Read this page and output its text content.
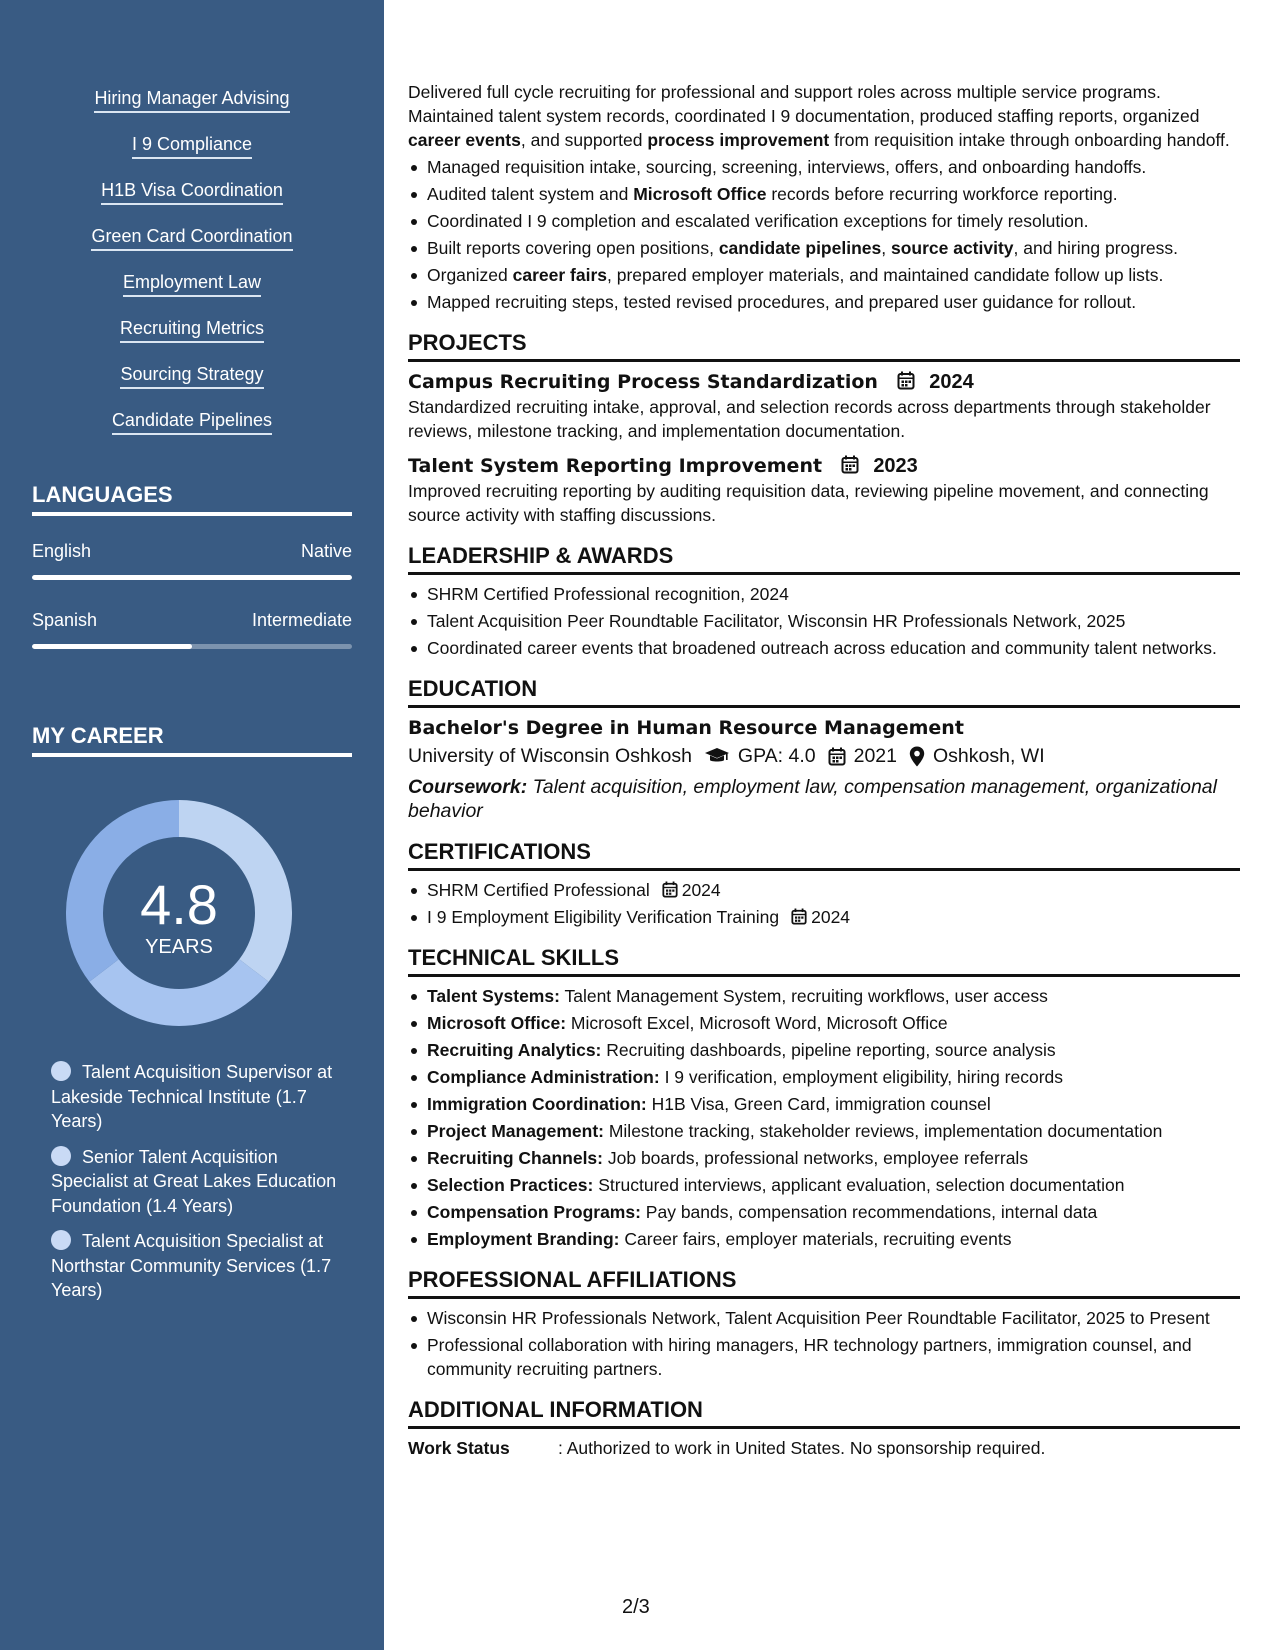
Hiring Manager Advising
I 9 Compliance
H1B Visa Coordination
Green Card Coordination
Employment Law
Recruiting Metrics
Sourcing Strategy
Candidate Pipelines
LANGUAGES
English	Native
Spanish	Intermediate
MY CAREER
4.8
YEARS
Talent Acquisition Supervisor at Lakeside Technical Institute (1.7 Years)
Senior Talent Acquisition Specialist at Great Lakes Education Foundation (1.4 Years)
Talent Acquisition Specialist at Northstar Community Services (1.7 Years)

Delivered full cycle recruiting for professional and support roles across multiple service programs. Maintained talent system records, coordinated I 9 documentation, produced staffing reports, organized career events, and supported process improvement from requisition intake through onboarding handoff.

Managed requisition intake, sourcing, screening, interviews, offers, and onboarding handoffs.
Audited talent system and Microsoft Office records before recurring workforce reporting.
Coordinated I 9 completion and escalated verification exceptions for timely resolution.
Built reports covering open positions, candidate pipelines, source activity, and hiring progress.
Organized career fairs, prepared employer materials, and maintained candidate follow up lists.
Mapped recruiting steps, tested revised procedures, and prepared user guidance for rollout.
PROJECTS
Campus Recruiting Process Standardization	2024

Standardized recruiting intake, approval, and selection records across departments through stakeholder reviews, milestone tracking, and implementation documentation.

Talent System Reporting Improvement	2023

Improved recruiting reporting by auditing requisition data, reviewing pipeline movement, and connecting source activity with staffing discussions.

LEADERSHIP & AWARDS
SHRM Certified Professional recognition, 2024
Talent Acquisition Peer Roundtable Facilitator, Wisconsin HR Professionals Network, 2025
Coordinated career events that broadened outreach across education and community talent networks.
EDUCATION
Bachelor's Degree in Human Resource Management
University of Wisconsin Oshkosh GPA: 4.0 2021 Oshkosh, WI

Coursework: Talent acquisition, employment law, compensation management, organizational behavior

CERTIFICATIONS
SHRM Certified Professional 2024
I 9 Employment Eligibility Verification Training 2024
TECHNICAL SKILLS
Talent Systems: Talent Management System, recruiting workflows, user access
Microsoft Office: Microsoft Excel, Microsoft Word, Microsoft Office
Recruiting Analytics: Recruiting dashboards, pipeline reporting, source analysis
Compliance Administration: I 9 verification, employment eligibility, hiring records
Immigration Coordination: H1B Visa, Green Card, immigration counsel
Project Management: Milestone tracking, stakeholder reviews, implementation documentation
Recruiting Channels: Job boards, professional networks, employee referrals
Selection Practices: Structured interviews, applicant evaluation, selection documentation
Compensation Programs: Pay bands, compensation recommendations, internal data
Employment Branding: Career fairs, employer materials, recruiting events
PROFESSIONAL AFFILIATIONS
Wisconsin HR Professionals Network, Talent Acquisition Peer Roundtable Facilitator, 2025 to Present
Professional collaboration with hiring managers, HR technology partners, immigration counsel, and community recruiting partners.
ADDITIONAL INFORMATION
Work Status	: Authorized to work in United States. No sponsorship required.
2/3
